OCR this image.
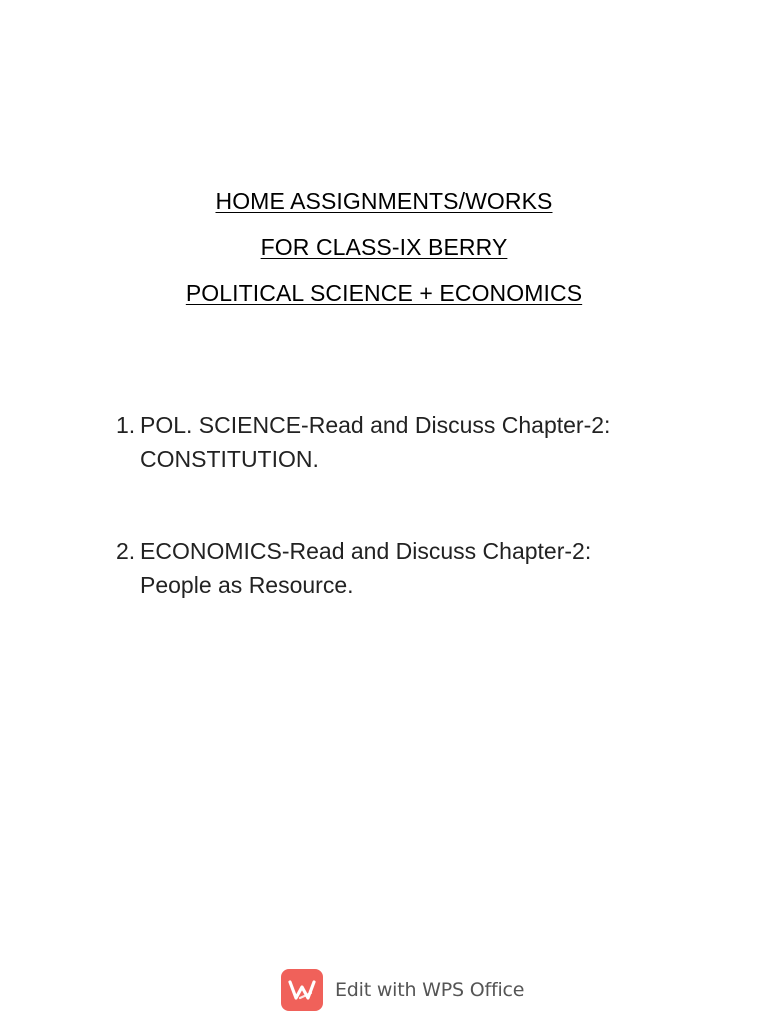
HOME ASSIGNMENTS/WORKS
FOR CLASS-IX BERRY
POLITICAL SCIENCE + ECONOMICS
1. POL. SCIENCE-Read and Discuss Chapter-2:
CONSTITUTION.
2. ECONOMICS-Read and Discuss Chapter-2:
People as Resource.
Edit with WPS Office
